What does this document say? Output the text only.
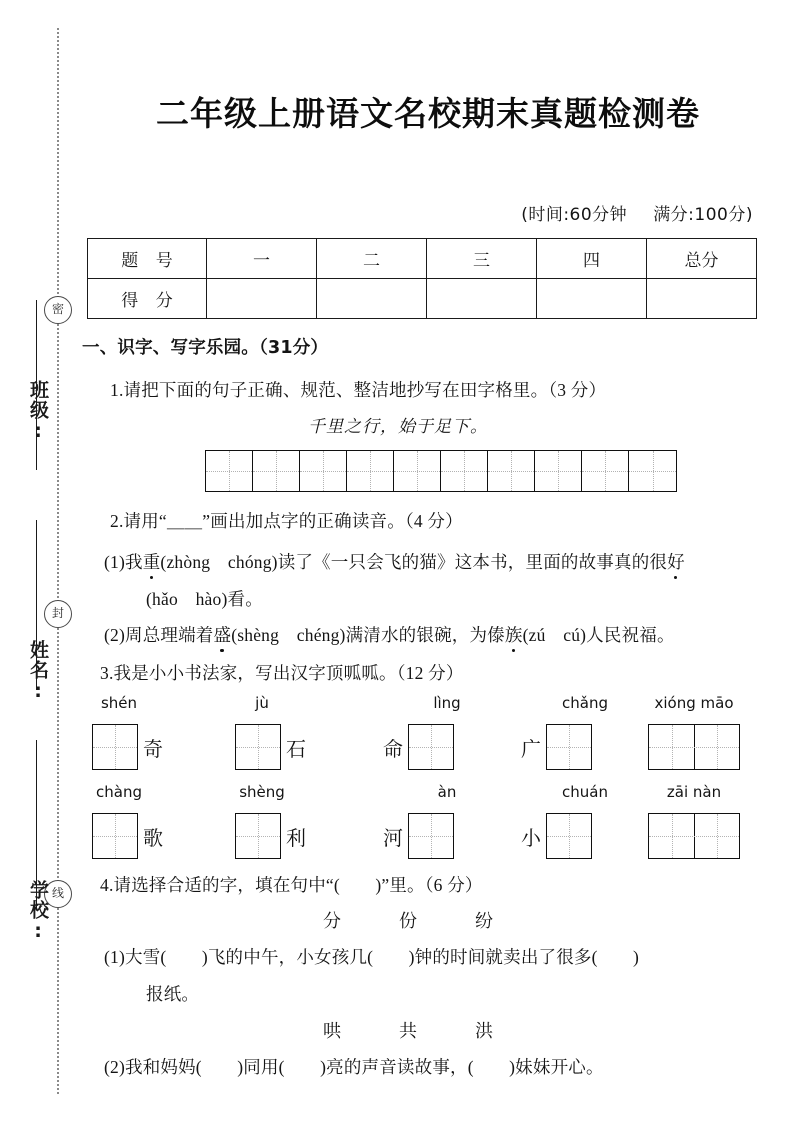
密
封
线
班级:
姓名:
学校:
二年级上册语文名校期末真题检测卷
(时间:60分钟 满分:100分)
题 号	一	二	三	四	总分
得 分					
一、识字、写字乐园。（31分）
1.请把下面的句子正确、规范、整洁地抄写在田字格里。（3 分）
千里之行，始于足下。
2.请用“＿＿”画出加点字的正确读音。（4 分）
(1)我重(zhòng　chóng)读了《一只会飞的猫》这本书，里面的故事真的很好
(hǎo　hào)看。
(2)周总理端着盛(shèng　chéng)满清水的银碗，为傣族(zú　cú)人民祝福。
3.我是小小书法家，写出汉字顶呱呱。（12 分）
shén
奇
jù
石
lìng
命
chǎng
广
xióng māo
chàng
歌
shèng
利
àn
河
chuán
小
zāi nàn
4.请选择合适的字，填在句中“(　　)”里。（6 分）
分	份	纷
(1)大雪(　　)飞的中午，小女孩几(　　)钟的时间就卖出了很多(　　)
报纸。
哄	共	洪
(2)我和妈妈(　　)同用(　　)亮的声音读故事，(　　)妹妹开心。
